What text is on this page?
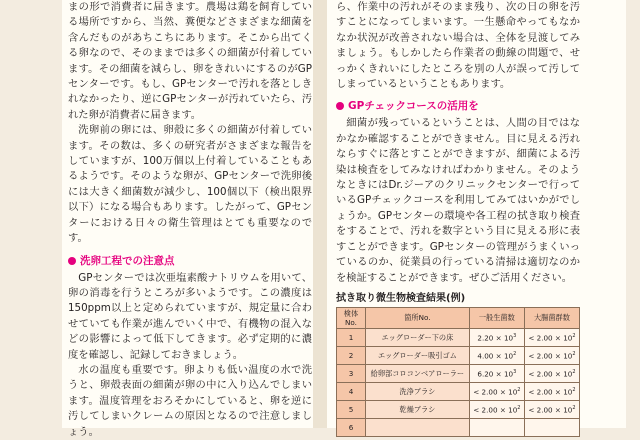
まの形で消費者に届きます。農場は鶏を飼育している場所ですから、当然、糞便などさまざまな細菌を含んだものがあちこちにあります。そこから出てくる卵なので、そのままでは多くの細菌が付着しています。その細菌を減らし、卵をきれいにするのがGPセンターです。もし、GPセンターで汚れを落としきれなかったり、逆にGPセンターが汚れていたら、汚れた卵が消費者に届きます。

洗卵前の卵には、卵殻に多くの細菌が付着しています。その数は、多くの研究者がさまざまな報告をしていますが、100万個以上付着していることもあるようです。そのような卵が、GPセンターで洗卵後には大きく細菌数が減少し、100個以下（検出限界以下）になる場合もあります。したがって、GPセンターにおける日々の衛生管理はとても重要なのです。

洗卵工程での注意点

GPセンターでは次亜塩素酸ナトリウムを用いて、卵の消毒を行うところが多いようです。この濃度は150ppm以上と定められていますが、規定量に合わせていても作業が進んでいく中で、有機物の混入などの影響によって低下してきます。必ず定期的に濃度を確認し、記録しておきましょう。

水の温度も重要です。卵よりも低い温度の水で洗うと、卵殻表面の細菌が卵の中に入り込んでしまいます。温度管理をおろそかにしていると、卵を逆に汚してしまいクレームの原因となるので注意しましょう。

ら、作業中の汚れがそのまま残り、次の日の卵を汚すことになってしまいます。一生懸命やってもなかなか状況が改善されない場合は、全体を見渡してみましょう。もしかしたら作業者の動線の問題で、せっかくきれいにしたところを別の人が誤って汚してしまっているということもあります。

GPチェックコースの活用を

細菌が残っているということは、人間の目ではなかなか確認することができません。目に見える汚れならすぐに落とすことができますが、細菌による汚染は検査をしてみなければわかりません。そのようなときにはDr.ジーアのクリニックセンターで行っているGPチェックコースを利用してみてはいかがでしょうか。GPセンターの環境や各工程の拭き取り検査をすることで、汚れを数字という目に見える形に表すことができます。GPセンターの管理がうまくいっているのか、従業員の行っている清掃は適切なのかを検証することができます。ぜひご活用ください。

拭き取り微生物検査結果(例)
検体No.	箇所No.	一般生菌数	大腸菌群数
1	エッグローダー下の床	$2.20 \times 10^3$	< $2.00 \times 10^2$
2	エッグローダー吸引ゴム	$4.00 \times 10^2$	< $2.00 \times 10^2$
3	給卵部コロコンベアローラー	$6.20 \times 10^3$	< $2.00 \times 10^2$
4	洗浄ブラシ	< $2.00 \times 10^2$	< $2.00 \times 10^2$
5	乾燥ブラシ	< $2.00 \times 10^2$	< $2.00 \times 10^2$
6			
